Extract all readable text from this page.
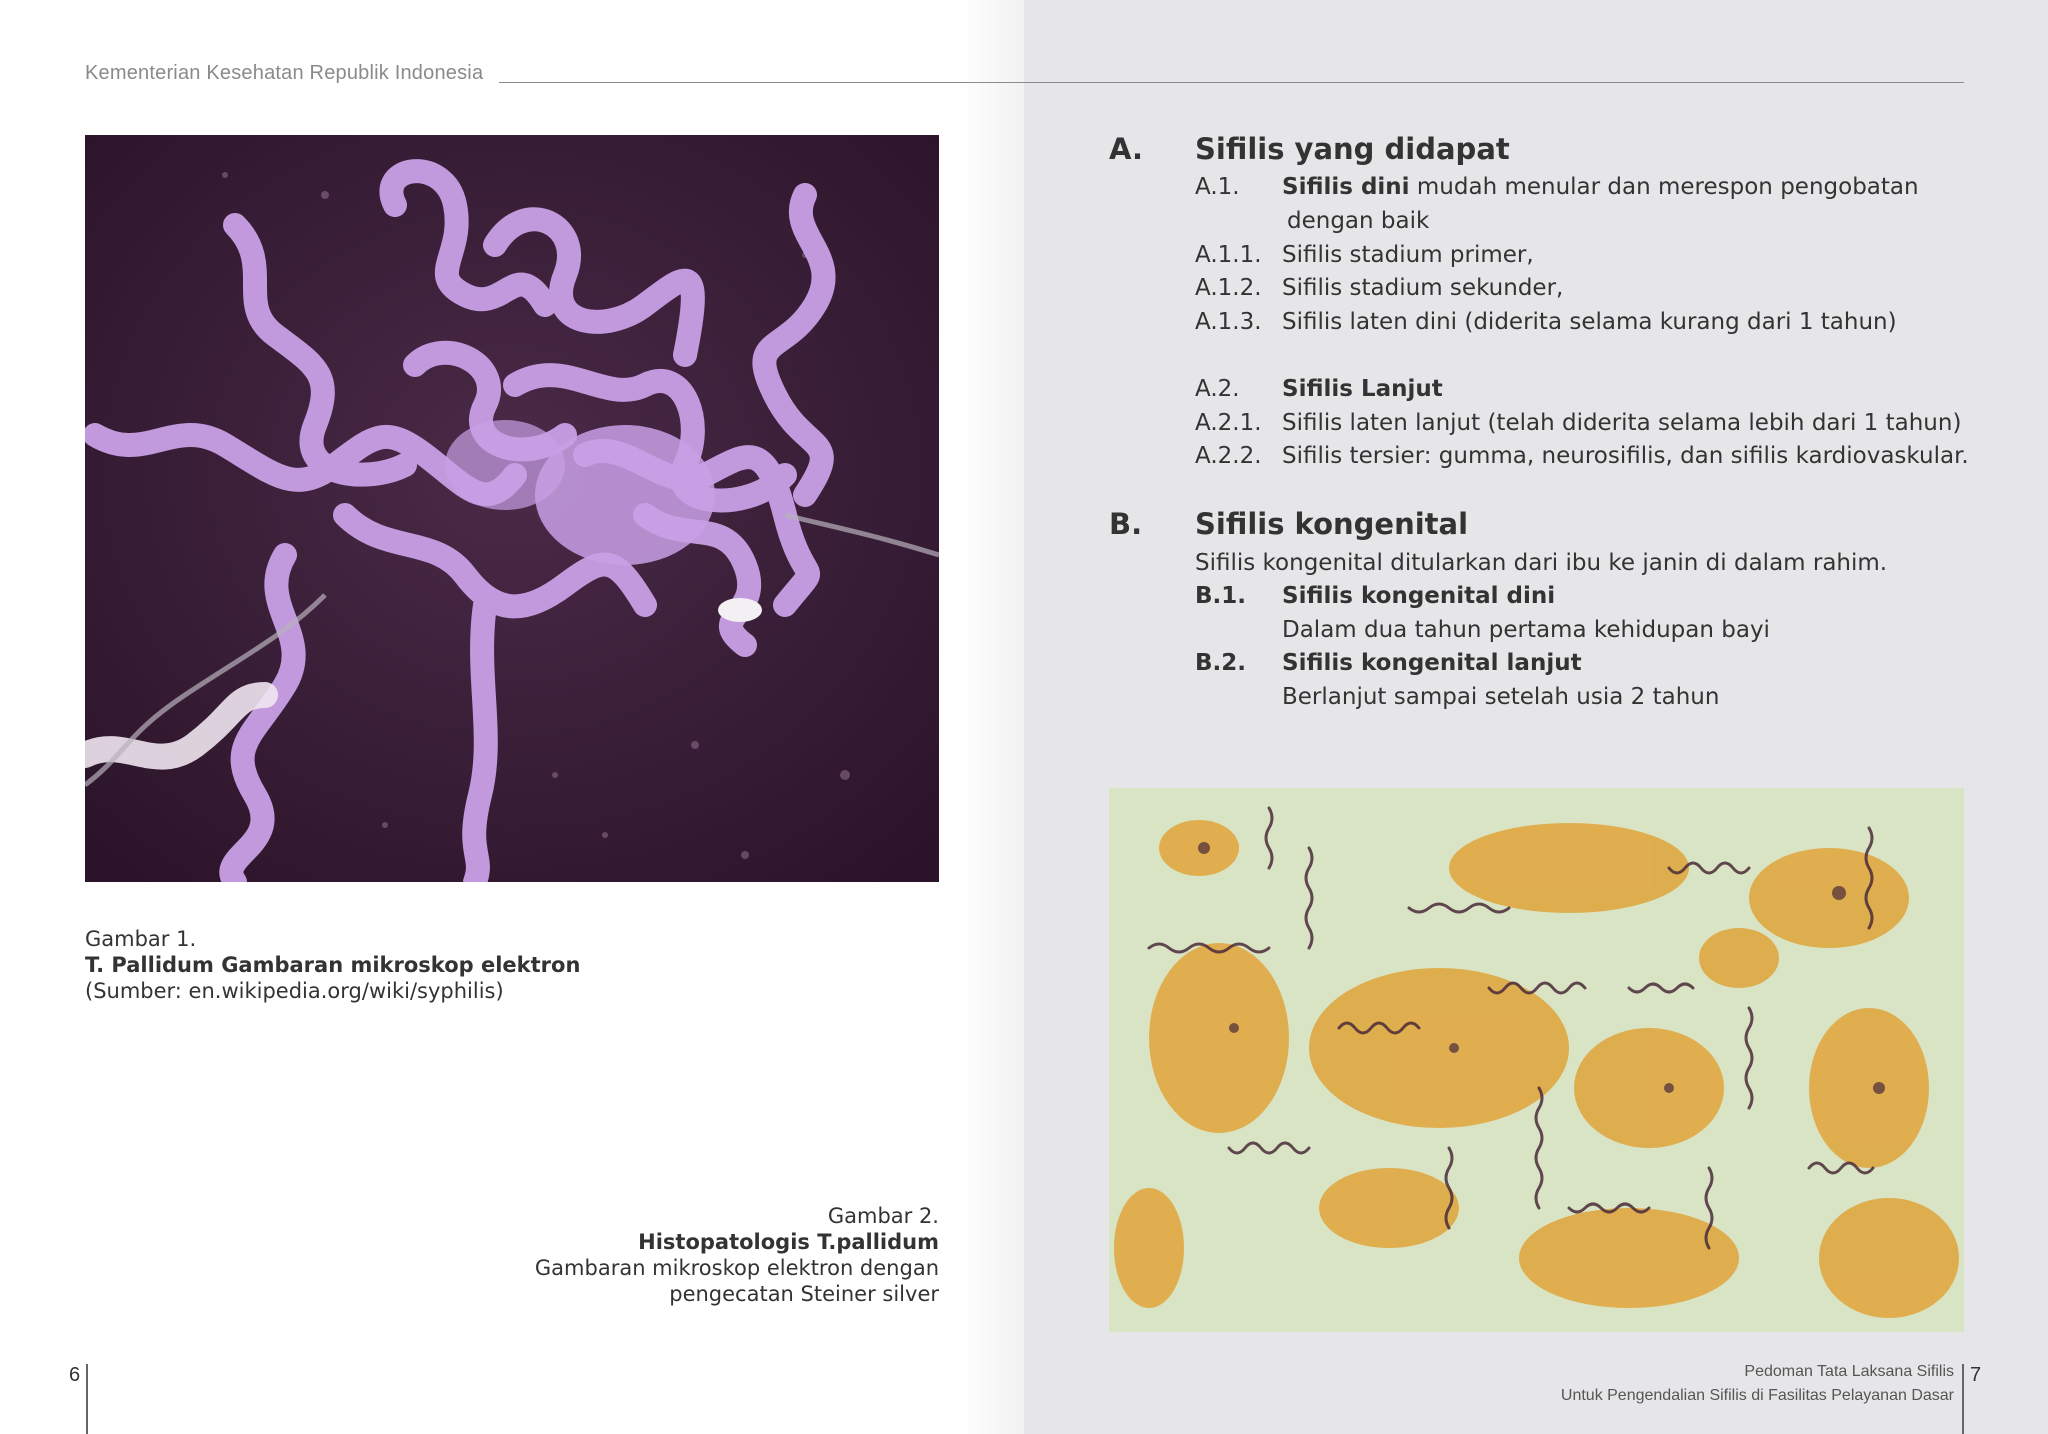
Kementerian Kesehatan Republik Indonesia
Gambar 1.
T. Pallidum Gambaran mikroskop elektron
(Sumber: en.wikipedia.org/wiki/syphilis)
Gambar 2.
Histopatologis T.pallidum
Gambaran mikroskop elektron dengan
pengecatan Steiner silver
A. Sifilis yang didapat
A.1. Sifilis dini mudah menular dan merespon pengobatan
dengan baik
A.1.1. Sifilis stadium primer,
A.1.2. Sifilis stadium sekunder,
A.1.3. Sifilis laten dini (diderita selama kurang dari 1 tahun)
A.2. Sifilis Lanjut
A.2.1. Sifilis laten lanjut (telah diderita selama lebih dari 1 tahun)
A.2.2. Sifilis tersier: gumma, neurosifilis, dan sifilis kardiovaskular.
B. Sifilis kongenital
Sifilis kongenital ditularkan dari ibu ke janin di dalam rahim.
B.1. Sifilis kongenital dini
Dalam dua tahun pertama kehidupan bayi
B.2. Sifilis kongenital lanjut
Berlanjut sampai setelah usia 2 tahun
6	Pedoman Tata Laksana Sifilis
Untuk Pengendalian Sifilis di Fasilitas Pelayanan Dasar
7
